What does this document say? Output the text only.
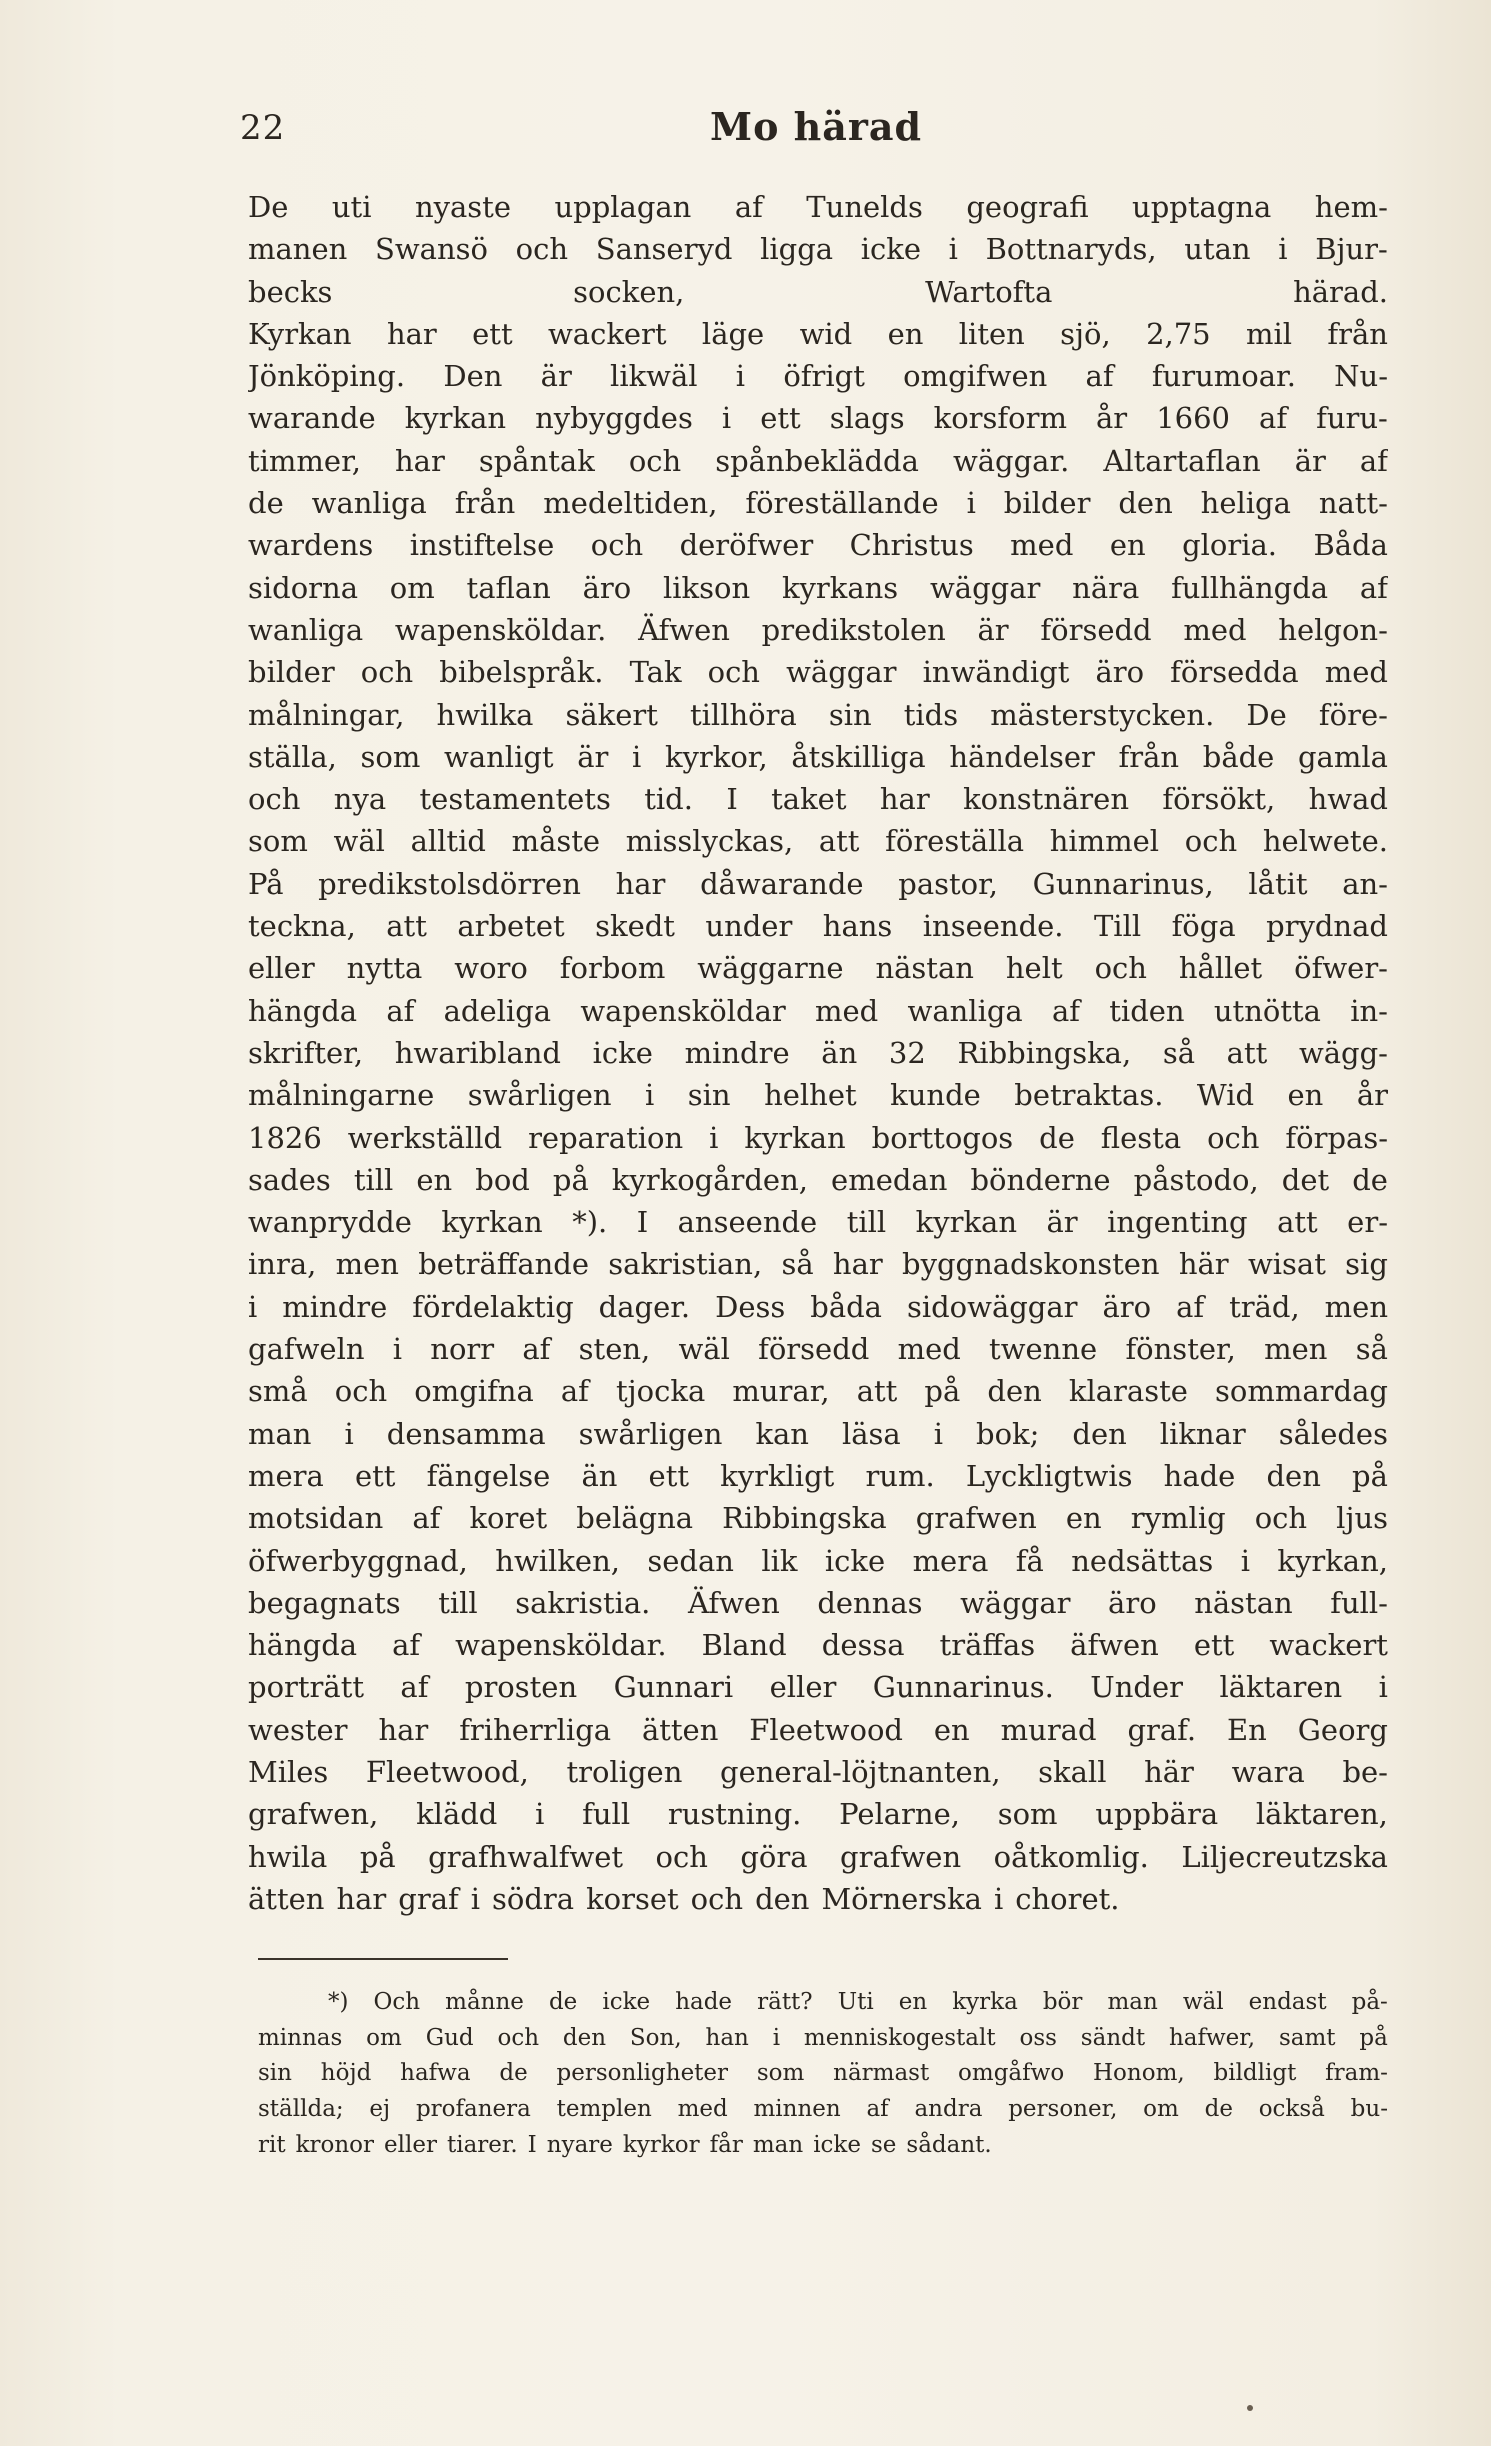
22	Mo härad
De uti nyaste upplagan af Tunelds geografi upptagna hem-
manen Swansö och Sanseryd ligga icke i Bottnaryds, utan i Bjur-
becks	socken,	Wartofta	härad.
Kyrkan har ett wackert läge wid en liten sjö, 2,75 mil från
Jönköping. Den är likwäl i öfrigt omgifwen af furumoar. Nu-
warande kyrkan nybyggdes i ett slags korsform år 1660 af furu-
timmer, har spåntak och spånbeklädda wäggar. Altartaflan är af
de wanliga från medeltiden, föreställande i bilder den heliga natt-
wardens instiftelse och deröfwer Christus med en gloria. Båda
sidorna om taflan äro likson kyrkans wäggar nära fullhängda af
wanliga wapensköldar. Äfwen predikstolen är försedd med helgon-
bilder och bibelspråk. Tak och wäggar inwändigt äro försedda med
målningar, hwilka säkert tillhöra sin tids mästerstycken. De före-
ställa, som wanligt är i kyrkor, åtskilliga händelser från både gamla
och nya testamentets tid. I taket har konstnären försökt, hwad
som wäl alltid måste misslyckas, att föreställa himmel och helwete.
På predikstolsdörren har dåwarande pastor, Gunnarinus, låtit an-
teckna, att arbetet skedt under hans inseende. Till föga prydnad
eller nytta woro forbom wäggarne nästan helt och hållet öfwer-
hängda af adeliga wapensköldar med wanliga af tiden utnötta in-
skrifter, hwaribland icke mindre än 32 Ribbingska, så att wägg-
målningarne swårligen i sin helhet kunde betraktas. Wid en år
1826 werkställd reparation i kyrkan borttogos de flesta och förpas-
sades till en bod på kyrkogården, emedan bönderne påstodo, det de
wanprydde kyrkan *). I anseende till kyrkan är ingenting att er-
inra, men beträffande sakristian, så har byggnadskonsten här wisat sig
i mindre fördelaktig dager. Dess båda sidowäggar äro af träd, men
gafweln i norr af sten, wäl försedd med twenne fönster, men så
små och omgifna af tjocka murar, att på den klaraste sommardag
man i densamma swårligen kan läsa i bok; den liknar således
mera ett fängelse än ett kyrkligt rum. Lyckligtwis hade den på
motsidan af koret belägna Ribbingska grafwen en rymlig och ljus
öfwerbyggnad, hwilken, sedan lik icke mera få nedsättas i kyrkan,
begagnats till sakristia. Äfwen dennas wäggar äro nästan full-
hängda af wapensköldar. Bland dessa träffas äfwen ett wackert
porträtt af prosten Gunnari eller Gunnarinus. Under läktaren i
wester har friherrliga ätten Fleetwood en murad graf. En Georg
Miles Fleetwood, troligen general-löjtnanten, skall här wara be-
grafwen, klädd i full rustning. Pelarne, som uppbära läktaren,
hwila på grafhwalfwet och göra grafwen oåtkomlig. Liljecreutzska
ätten har graf i södra korset och den Mörnerska i choret.
*) Och månne de icke hade rätt? Uti en kyrka bör man wäl endast på-
minnas om Gud och den Son, han i menniskogestalt oss sändt hafwer, samt på
sin höjd hafwa de personligheter som närmast omgåfwo Honom, bildligt fram-
ställda; ej profanera templen med minnen af andra personer, om de också bu-
rit kronor eller tiarer. I nyare kyrkor får man icke se sådant.
